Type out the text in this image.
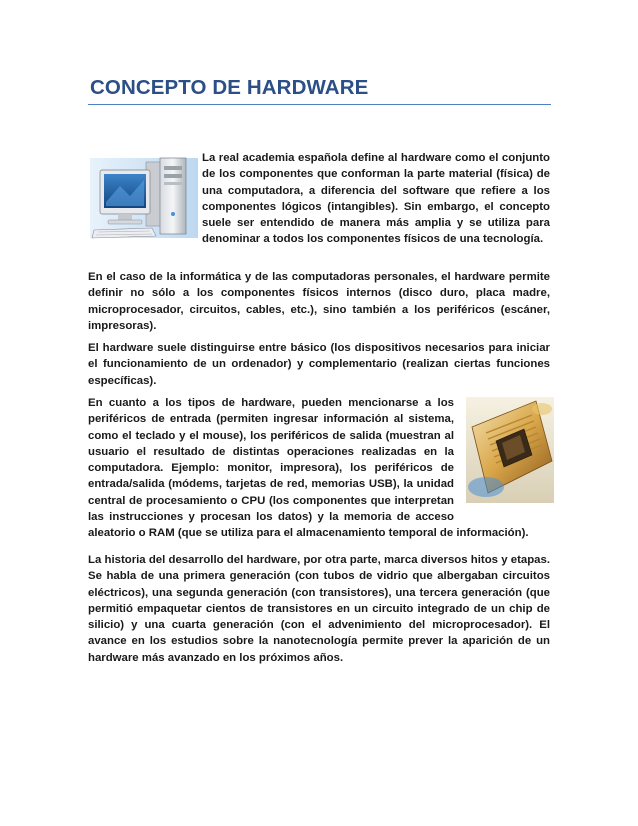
CONCEPTO DE HARDWARE

La real academia española define al hardware como el conjunto de los componentes que conforman la parte material (física) de una computadora, a diferencia del software que refiere a los componentes lógicos (intangibles). Sin embargo, el concepto suele ser entendido de manera más amplia y se utiliza para denominar a todos los componentes físicos de una tecnología.

En el caso de la informática y de las computadoras personales, el hardware permite definir no sólo a los componentes físicos internos (disco duro, placa madre, microprocesador, circuitos, cables, etc.), sino también a los periféricos (escáner, impresoras).

El hardware suele distinguirse entre básico (los dispositivos necesarios para iniciar el funcionamiento de un ordenador) y complementario (realizan ciertas funciones específicas).

En cuanto a los tipos de hardware, pueden mencionarse a los periféricos de entrada (permiten ingresar información al sistema, como el teclado y el mouse), los periféricos de salida (muestran al usuario el resultado de distintas operaciones realizadas en la computadora. Ejemplo: monitor, impresora), los periféricos de entrada/salida (módems, tarjetas de red, memorias USB), la unidad central de procesamiento o CPU (los componentes que interpretan las instrucciones y procesan los datos) y la memoria de acceso aleatorio o RAM (que se utiliza para el almacenamiento temporal de información).

La historia del desarrollo del hardware, por otra parte, marca diversos hitos y etapas. Se habla de una primera generación (con tubos de vidrio que albergaban circuitos eléctricos), una segunda generación (con transistores), una tercera generación (que permitió empaquetar cientos de transistores en un circuito integrado de un chip de silicio) y una cuarta generación (con el advenimiento del microprocesador). El avance en los estudios sobre la nanotecnología permite prever la aparición de un hardware más avanzado en los próximos años.
